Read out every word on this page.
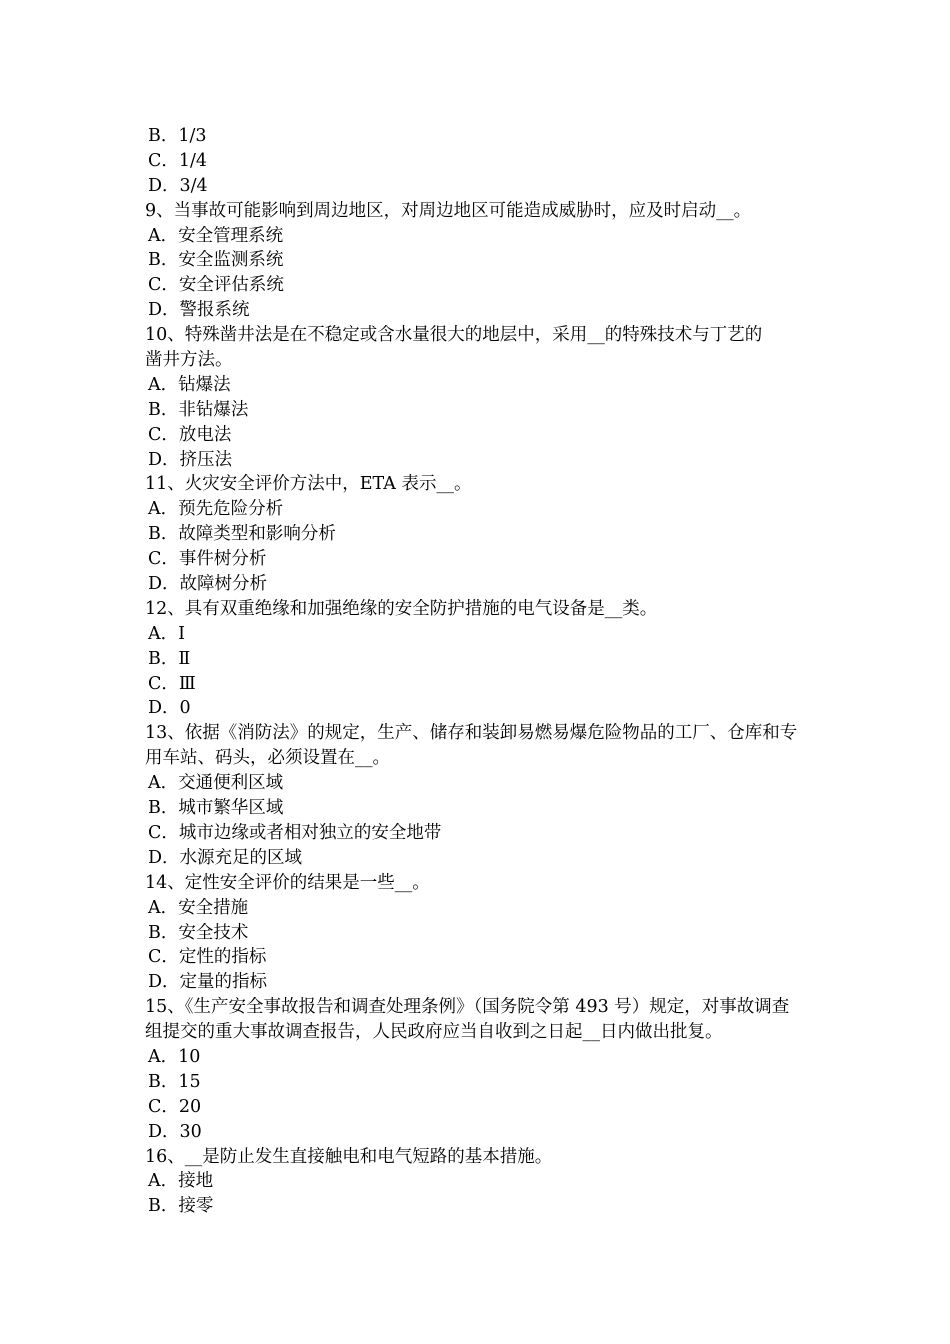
B．1/3
C．1/4
D．3/4
9、当事故可能影响到周边地区，对周边地区可能造成威胁时，应及时启动__。
A．安全管理系统
B．安全监测系统
C．安全评估系统
D．警报系统
10、特殊凿井法是在不稳定或含水量很大的地层中，采用__的特殊技术与丁艺的
凿井方法。
A．钻爆法
B．非钻爆法
C．放电法
D．挤压法
11、火灾安全评价方法中，ETA 表示__。
A．预先危险分析
B．故障类型和影响分析
C．事件树分析
D．故障树分析
12、具有双重绝缘和加强绝缘的安全防护措施的电气设备是__类。
A．Ⅰ
B．Ⅱ
C．Ⅲ
D．0
13、依据《消防法》的规定，生产、储存和装卸易燃易爆危险物品的工厂、仓库和专
用车站、码头，必须设置在__。
A．交通便利区域
B．城市繁华区域
C．城市边缘或者相对独立的安全地带
D．水源充足的区域
14、定性安全评价的结果是一些__。
A．安全措施
B．安全技术
C．定性的指标
D．定量的指标
15、《生产安全事故报告和调查处理条例》（国务院令第 493 号）规定，对事故调查
组提交的重大事故调查报告，人民政府应当自收到之日起__日内做出批复。
A．10
B．15
C．20
D．30
16、__是防止发生直接触电和电气短路的基本措施。
A．接地
B．接零
